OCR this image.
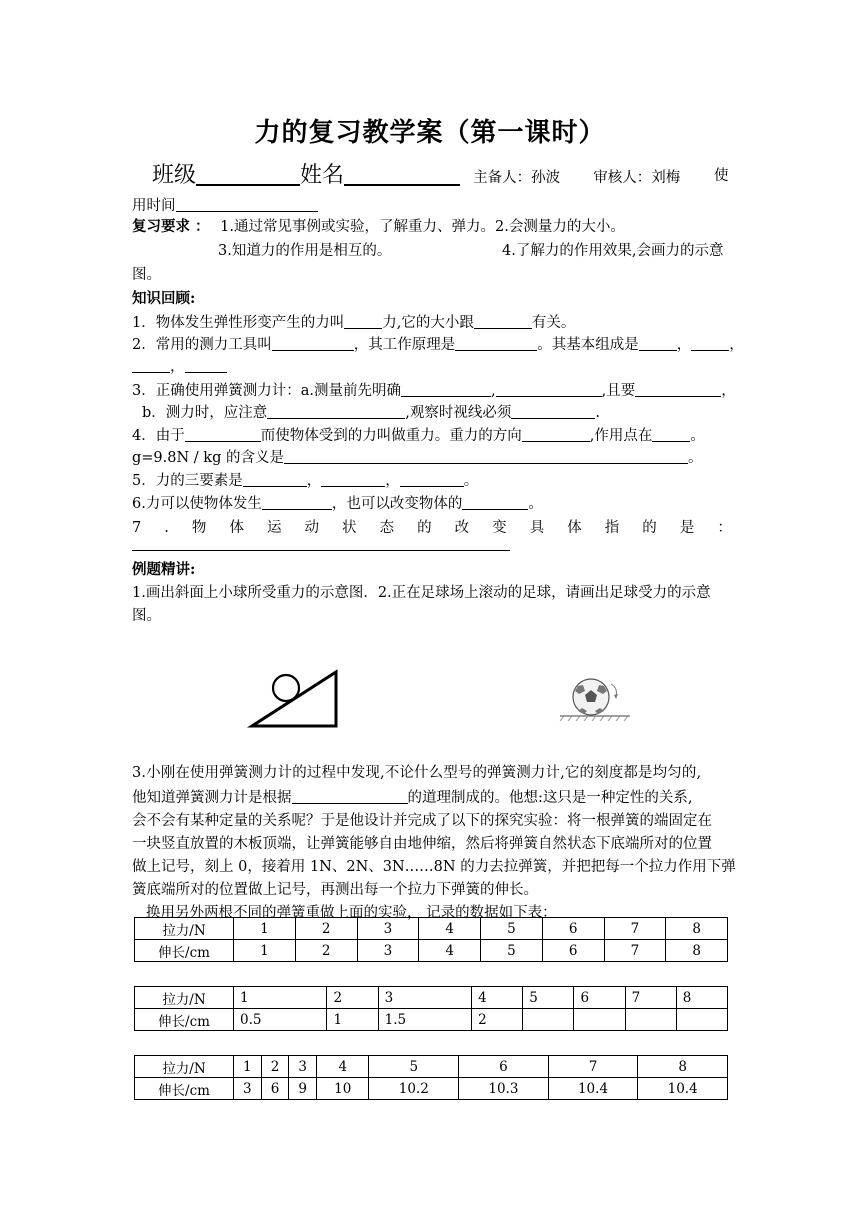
力的复习教学案（第一课时）
班级	姓名	主备人：孙波 审核人：刘梅 使
用时间
复习要求 ： 1.通过常见事例或实验，了解重力、弹力。2.会测量力的大小。
3.知道力的作用是相互的。	4.了解力的作用效果,会画力的示意
图。
知识回顾:
1．物体发生弹性形变产生的力叫	力,它的大小跟	有关。
2．常用的测力工具叫	，其工作原理是	。其基本组成是	，	，
，
3．正确使用弹簧测力计：a.测量前先明确	,	,且要	，
b．测力时，应注意	,观察时视线必须	.
4．由于	而使物体受到的力叫做重力。重力的方向	,作用点在	。
g=9.8N / kg 的含义是	。
5．力的三要素是	，	，	。
6.力可以使物体发生	，也可以改变物体的	。
7 . 物 体 运 动 状 态 的 改 变 具 体 指 的 是 ：
例题精讲:
1.画出斜面上小球所受重力的示意图．2.正在足球场上滚动的足球，请画出足球受力的示意
图。
3.小刚在使用弹簧测力计的过程中发现,不论什么型号的弹簧测力计,它的刻度都是均匀的,
他知道弹簧测力计是根据	的道理制成的。他想:这只是一种定性的关系,
会不会有某种定量的关系呢？于是他设计并完成了以下的探究实验：将一根弹簧的端固定在
一块竖直放置的木板顶端，让弹簧能够自由地伸缩，然后将弹簧自然状态下底端所对的位置
做上记号，刻上 0，接着用 1N、2N、3N……8N 的力去拉弹簧，并把把每一个拉力作用下弹
簧底端所对的位置做上记号，再测出每一个拉力下弹簧的伸长。
换用另外两根不同的弹簧重做上面的实验， 记录的数据如下表：
拉力/N	1	2	3	4	5	6	7	8
伸长/cm	1	2	3	4	5	6	7	8
拉力/N	1	2	3	4	5	6	7	8
伸长/cm	0.5	1	1.5	2				
拉力/N	1	2	3	4	5	6	7	8
伸长/cm	3	6	9	10	10.2	10.3	10.4	10.4
